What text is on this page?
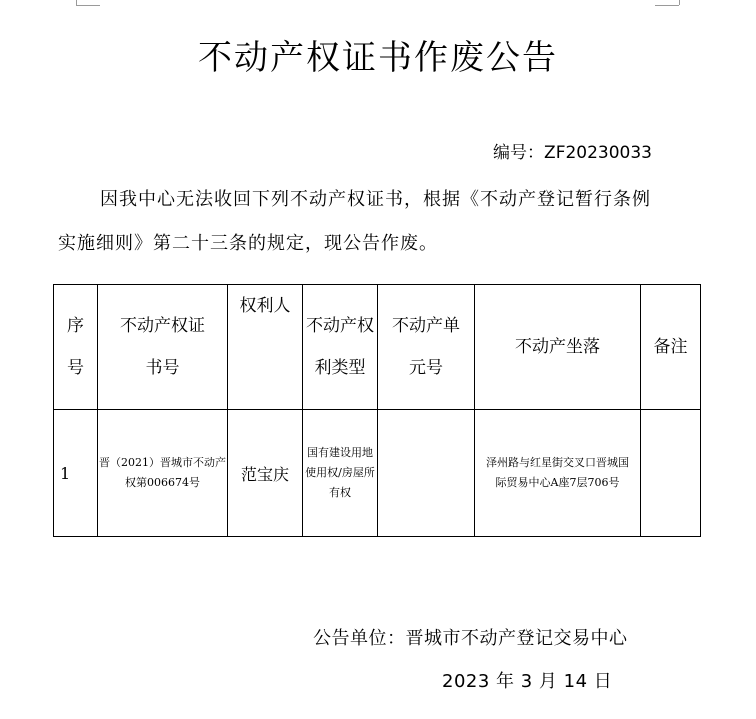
不动产权证书作废公告
编号：ZF20230033
因我中心无法收回下列不动产权证书，根据《不动产登记暂行条例实施细则》第二十三条的规定，现公告作废。
序号	不动产权证书号	权利人	不动产权利类型	不动产单元号	不动产坐落	备注

1	晋（2021）晋城市不动产权第006674号	范宝庆	国有建设用地使用权/房屋所有权		泽州路与红星街交叉口晋城国际贸易中心A座7层706号	
公告单位：晋城市不动产登记交易中心
2023 年 3 月 14 日
